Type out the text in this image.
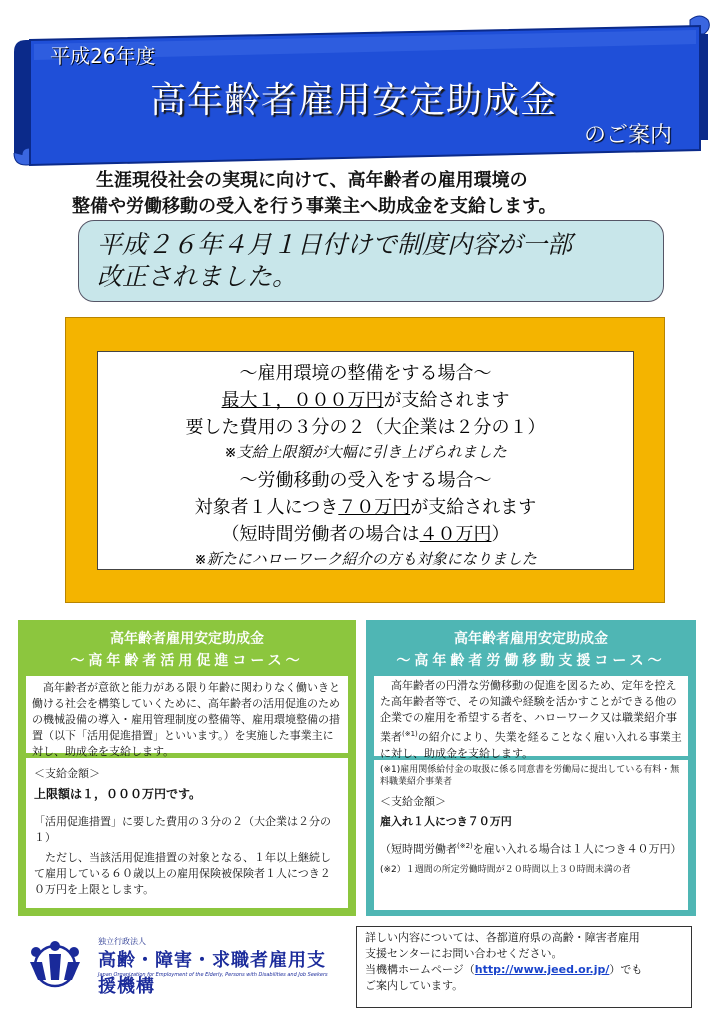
平成26年度
高年齢者雇用安定助成金
のご案内
生涯現役社会の実現に向けて、高年齢者の雇用環境の
整備や労働移動の受入を行う事業主へ助成金を支給します。
平成２６年４月１日付けで制度内容が一部
改正されました。
～雇用環境の整備をする場合～
最大１，０００万円が支給されます
要した費用の３分の２（大企業は２分の１）
※支給上限額が大幅に引き上げられました
～労働移動の受入をする場合～
対象者１人につき７０万円が支給されます
（短時間労働者の場合は４０万円）
※新たにハローワーク紹介の方も対象になりました
高年齢者雇用安定助成金
～高年齢者活用促進コース～

高年齢者が意欲と能力がある限り年齢に関わりなく働いきと働ける社会を構築していくために、高年齢者の活用促進のための機械設備の導入・雇用管理制度の整備等、雇用環境整備の措置（以下「活用促進措置」といいます。）を実施した事業主に対し、助成金を支給します。

＜支給金額＞

上限額は１，０００万円です。

「活用促進措置」に要した費用の３分の２（大企業は２分の１）

ただし、当該活用促進措置の対象となる、１年以上継続して雇用している６０歳以上の雇用保険被保険者１人につき２０万円を上限とします。

高年齢者雇用安定助成金
～高年齢者労働移動支援コース～

高年齢者の円滑な労働移動の促進を図るため、定年を控えた高年齢者等で、その知識や経験を活かすことができる他の企業での雇用を希望する者を、ハローワーク又は職業紹介事業者$^{(※1)}$の紹介により、失業を経ることなく雇い入れる事業主に対し、助成金を支給します。

(※1)雇用関係給付金の取扱に係る同意書を労働局に提出している有料・無料職業紹介事業者

＜支給金額＞

雇入れ１人につき７０万円

（短時間労働者$^{(※2)}$を雇い入れる場合は１人につき４０万円）

(※2）１週間の所定労働時間が２０時間以上３０時間未満の者

独立行政法人
高齢・障害・求職者雇用支援機構
Japan Organization for Employment of the Elderly, Persons with Disabilities and Job Seekers
詳しい内容については、各都道府県の高齢・障害者雇用
支援センターにお問い合わせください。
当機構ホームページ（http://www.jeed.or.jp/）でも
ご案内しています。
